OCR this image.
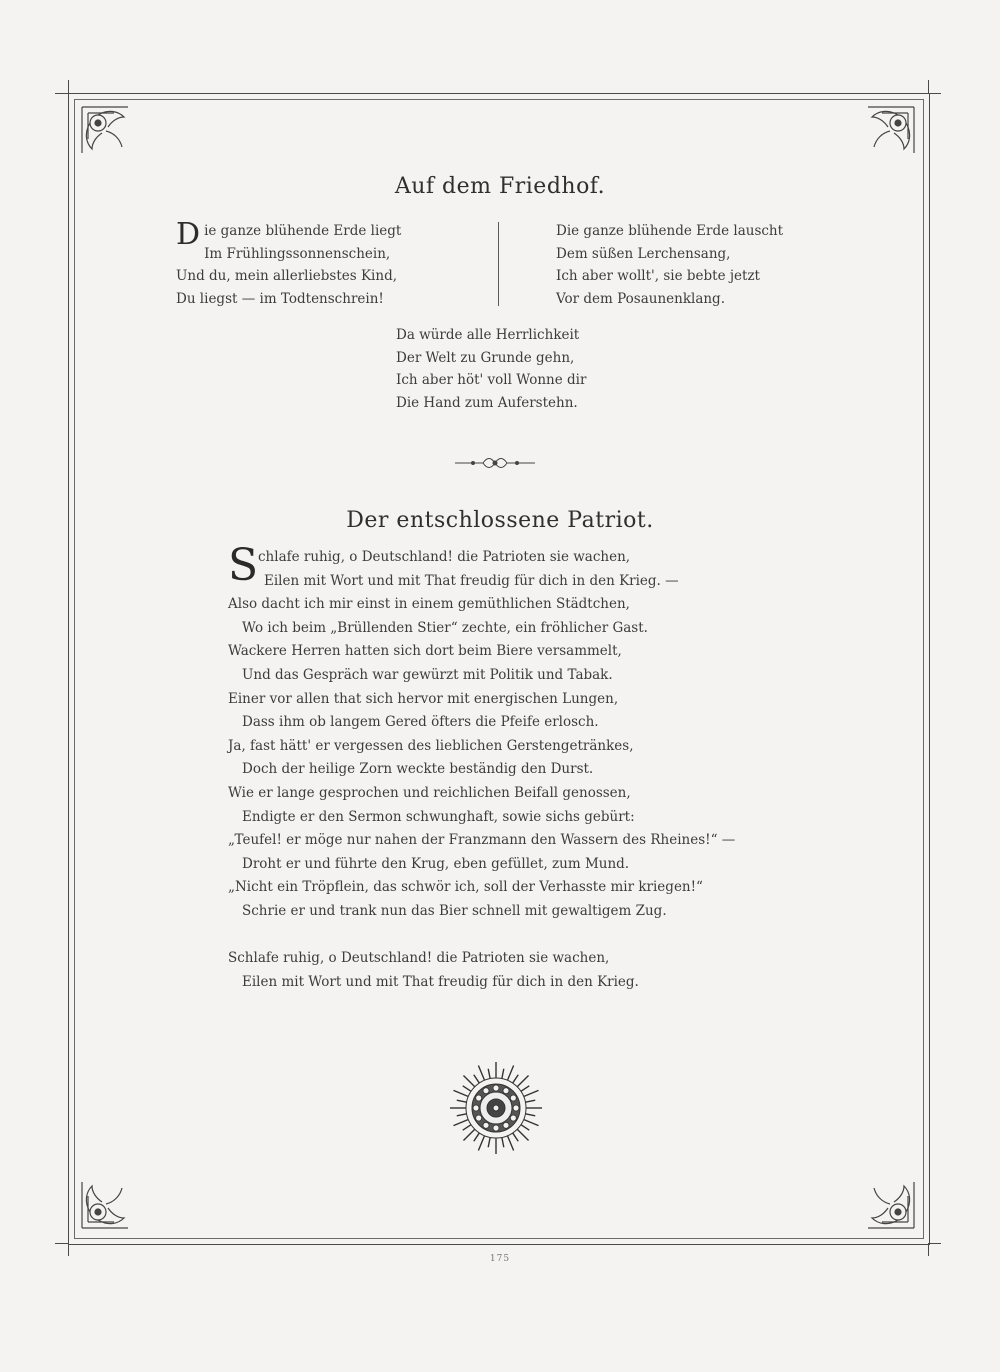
Auf dem Friedhof.
D ie ganze blühende Erde liegt
Im Frühlingssonnenschein,
Und du, mein allerliebstes Kind,
Du liegst — im Todtenschrein!
Die ganze blühende Erde lauscht
Dem süßen Lerchensang,
Ich aber wollt', sie bebte jetzt
Vor dem Posaunenklang.
Da würde alle Herrlichkeit
Der Welt zu Grunde gehn,
Ich aber höt' voll Wonne dir
Die Hand zum Auferstehn.
Der entschlossene Patriot.
S chlafe ruhig, o Deutschland! die Patrioten sie wachen,
Eilen mit Wort und mit That freudig für dich in den Krieg. —
Also dacht ich mir einst in einem gemüthlichen Städtchen,
Wo ich beim „Brüllenden Stier“ zechte, ein fröhlicher Gast.
Wackere Herren hatten sich dort beim Biere versammelt,
Und das Gespräch war gewürzt mit Politik und Tabak.
Einer vor allen that sich hervor mit energischen Lungen,
Dass ihm ob langem Gered öfters die Pfeife erlosch.
Ja, fast hätt' er vergessen des lieblichen Gerstengetränkes,
Doch der heilige Zorn weckte beständig den Durst.
Wie er lange gesprochen und reichlichen Beifall genossen,
Endigte er den Sermon schwunghaft, sowie sichs gebürt:
„Teufel! er möge nur nahen der Franzmann den Wassern des Rheines!“ —
Droht er und führte den Krug, eben gefüllet, zum Mund.
„Nicht ein Tröpflein, das schwör ich, soll der Verhasste mir kriegen!“
Schrie er und trank nun das Bier schnell mit gewaltigem Zug.
Schlafe ruhig, o Deutschland! die Patrioten sie wachen,
Eilen mit Wort und mit That freudig für dich in den Krieg.
175
